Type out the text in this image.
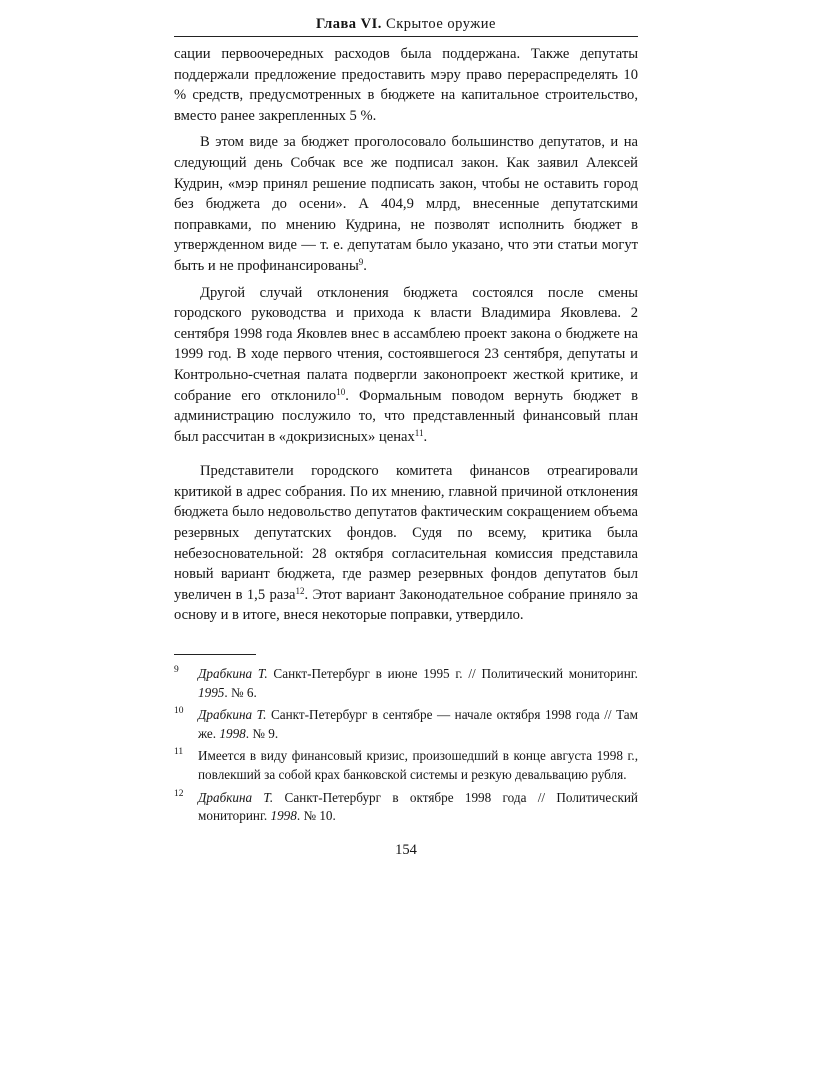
Глава VI. Скрытое оружие

сации первоочередных расходов была поддержана. Также депутаты поддержали предложение предоставить мэру право перераспределять 10 % средств, предусмотренных в бюджете на капитальное строительство, вместо ранее закрепленных 5 %.

В этом виде за бюджет проголосовало большинство депутатов, и на следующий день Собчак все же подписал закон. Как заявил Алексей Кудрин, «мэр принял решение подписать закон, чтобы не оставить город без бюджета до осени». А 404,9 млрд, внесенные депутатскими поправками, по мнению Кудрина, не позволят исполнить бюджет в утвержденном виде — т. е. депутатам было указано, что эти статьи могут быть и не профинансированы$^9$.

Другой случай отклонения бюджета состоялся после смены городского руководства и прихода к власти Владимира Яковлева. 2 сентября 1998 года Яковлев внес в ассамблею проект закона о бюджете на 1999 год. В ходе первого чтения, состоявшегося 23 сентября, депутаты и Контрольно-счетная палата подвергли законопроект жесткой критике, и собрание его отклонило$^{10}$. Формальным поводом вернуть бюджет в администрацию послужило то, что представленный финансовый план был рассчитан в «докризисных» ценах$^{11}$.

Представители городского комитета финансов отреагировали критикой в адрес собрания. По их мнению, главной причиной отклонения бюджета было недовольство депутатов фактическим сокращением объема резервных депутатских фондов. Судя по всему, критика была небезосновательной: 28 октября согласительная комиссия представила новый вариант бюджета, где размер резервных фондов депутатов был увеличен в 1,5 раза$^{12}$. Этот вариант Законодательное собрание приняло за основу и в итоге, внеся некоторые поправки, утвердило.

9 Драбкина Т. Санкт-Петербург в июне 1995 г. // Политический мониторинг. 1995. № 6.
10 Драбкина Т. Санкт-Петербург в сентябре — начале октября 1998 года // Там же. 1998. № 9.
11 Имеется в виду финансовый кризис, произошедший в конце августа 1998 г., повлекший за собой крах банковской системы и резкую девальвацию рубля.
12 Драбкина Т. Санкт-Петербург в октябре 1998 года // Политический мониторинг. 1998. № 10.
154
